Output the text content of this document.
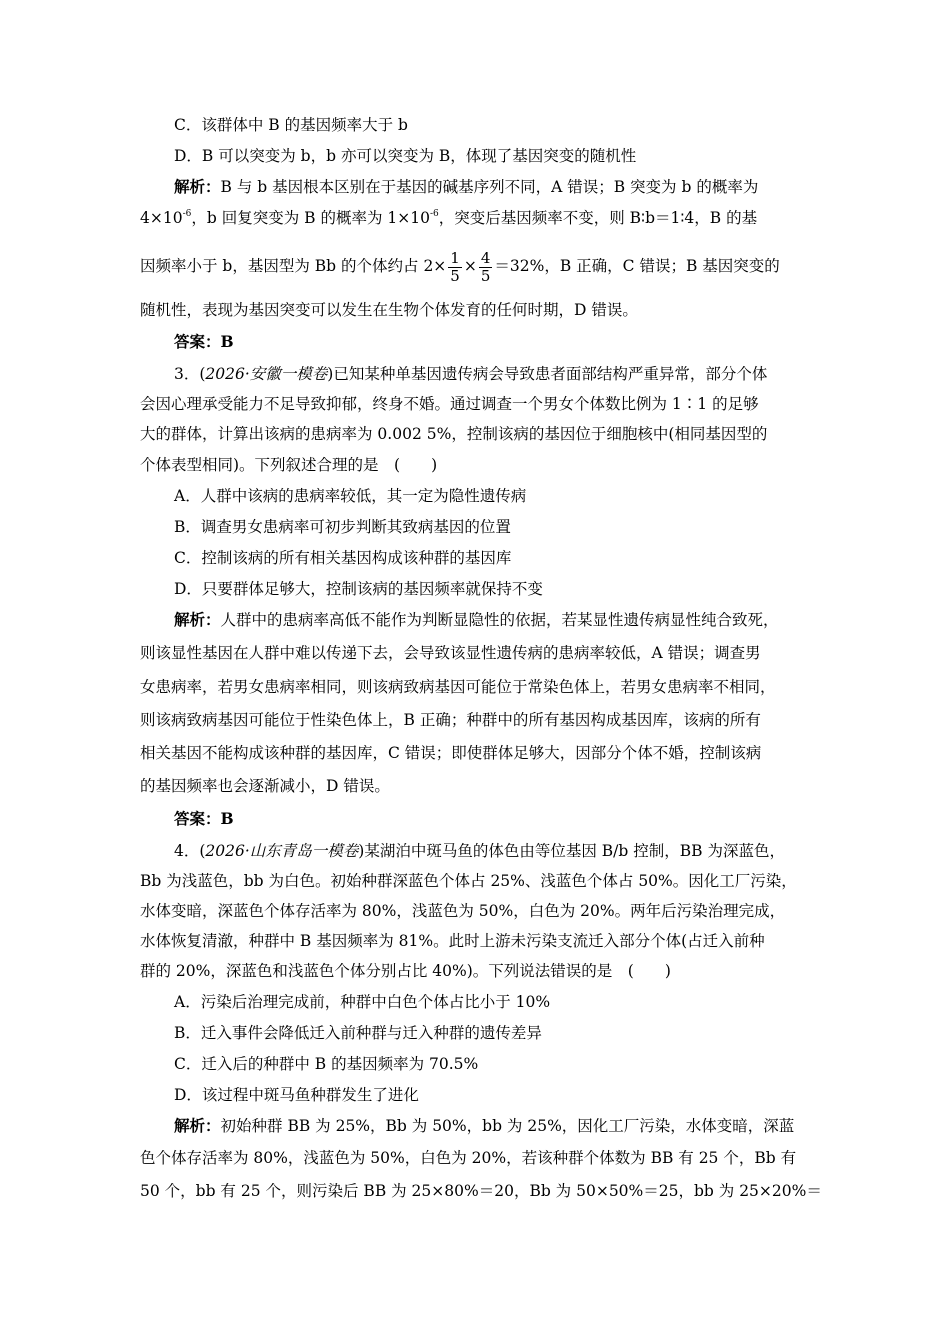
C．该群体中 B 的基因频率大于 b
D．B 可以突变为 b，b 亦可以突变为 B，体现了基因突变的随机性
解析：B 与 b 基因根本区别在于基因的碱基序列不同，A 错误；B 突变为 b 的概率为
$4\times 10^{-6}$，b 回复突变为 B 的概率为 $1\times 10^{-6}$，突变后基因频率不变，则 B∶b＝1∶4，B 的基
因频率小于 b，基因型为 Bb 的个体约占 $2\times \frac{1}{5} \times \frac{4}{5} =32\%$，B 正确，C 错误；B 基因突变的
随机性，表现为基因突变可以发生在生物个体发育的任何时期，D 错误。
答案：B
3．(2026·安徽一模卷)已知某种单基因遗传病会导致患者面部结构严重异常，部分个体
会因心理承受能力不足导致抑郁，终身不婚。通过调查一个男女个体数比例为 1∶1 的足够
大的群体，计算出该病的患病率为 0.002 5%，控制该病的基因位于细胞核中(相同基因型的
个体表型相同)。下列叙述合理的是　(　　)
A．人群中该病的患病率较低，其一定为隐性遗传病
B．调查男女患病率可初步判断其致病基因的位置
C．控制该病的所有相关基因构成该种群的基因库
D．只要群体足够大，控制该病的基因频率就保持不变
解析：人群中的患病率高低不能作为判断显隐性的依据，若某显性遗传病显性纯合致死，
则该显性基因在人群中难以传递下去，会导致该显性遗传病的患病率较低，A 错误；调查男
女患病率，若男女患病率相同，则该病致病基因可能位于常染色体上，若男女患病率不相同，
则该病致病基因可能位于性染色体上，B 正确；种群中的所有基因构成基因库，该病的所有
相关基因不能构成该种群的基因库，C 错误；即使群体足够大，因部分个体不婚，控制该病
的基因频率也会逐渐减小，D 错误。
答案：B
4．(2026·山东青岛一模卷)某湖泊中斑马鱼的体色由等位基因 B/b 控制，BB 为深蓝色，
Bb 为浅蓝色，bb 为白色。初始种群深蓝色个体占 25%、浅蓝色个体占 50%。因化工厂污染，
水体变暗，深蓝色个体存活率为 80%，浅蓝色为 50%，白色为 20%。两年后污染治理完成，
水体恢复清澈，种群中 B 基因频率为 81%。此时上游未污染支流迁入部分个体(占迁入前种
群的 20%，深蓝色和浅蓝色个体分别占比 40%)。下列说法错误的是　(　　)
A．污染后治理完成前，种群中白色个体占比小于 10%
B．迁入事件会降低迁入前种群与迁入种群的遗传差异
C．迁入后的种群中 B 的基因频率为 70.5%
D．该过程中斑马鱼种群发生了进化
解析：初始种群 BB 为 25%，Bb 为 50%，bb 为 25%，因化工厂污染，水体变暗，深蓝
色个体存活率为 80%，浅蓝色为 50%，白色为 20%，若该种群个体数为 BB 有 25 个，Bb 有
50 个，bb 有 25 个，则污染后 BB 为 25×80%＝20，Bb 为 50×50%＝25，bb 为 25×20%＝
